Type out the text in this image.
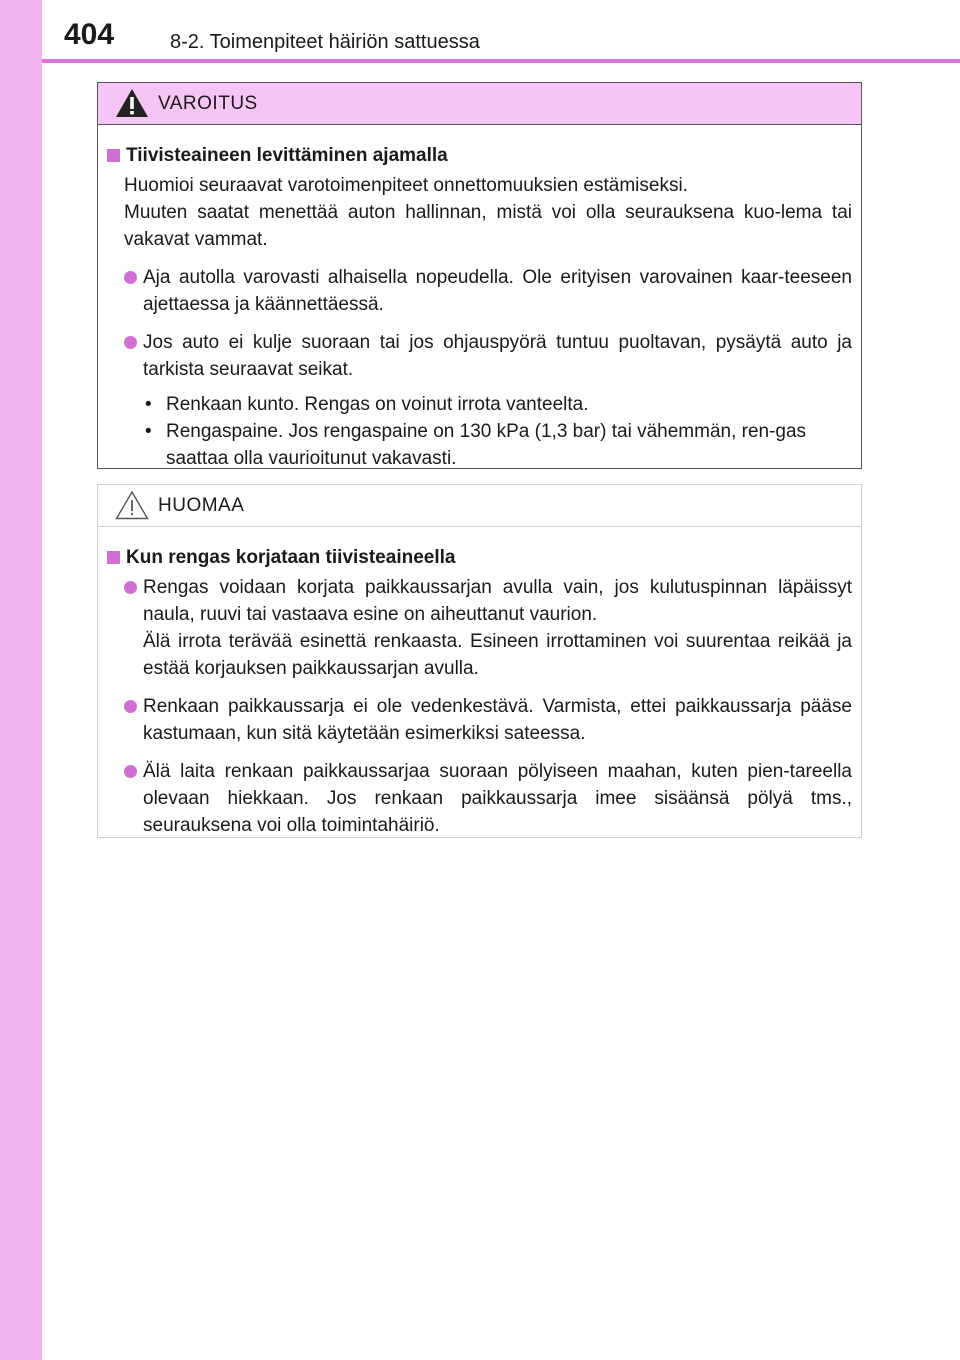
404	8-2. Toimenpiteet häiriön sattuessa
VAROITUS
Tiivisteaineen levittäminen ajamalla

Huomioi seuraavat varotoimenpiteet onnettomuuksien estämiseksi.

Muuten saatat menettää auton hallinnan, mistä voi olla seurauksena kuo-lema tai vakavat vammat.

Aja autolla varovasti alhaisella nopeudella. Ole erityisen varovainen kaar-teeseen ajettaessa ja käännettäessä.
Jos auto ei kulje suoraan tai jos ohjauspyörä tuntuu puoltavan, pysäytä auto ja tarkista seuraavat seikat.
• Renkaan kunto. Rengas on voinut irrota vanteelta.
• Rengaspaine. Jos rengaspaine on 130 kPa (1,3 bar) tai vähemmän, ren-gas saattaa olla vaurioitunut vakavasti.
HUOMAA
Kun rengas korjataan tiivisteaineella
Rengas voidaan korjata paikkaussarjan avulla vain, jos kulutuspinnan läpäissyt naula, ruuvi tai vastaava esine on aiheuttanut vaurion.
Älä irrota terävää esinettä renkaasta. Esineen irrottaminen voi suurentaa reikää ja estää korjauksen paikkaussarjan avulla.
Renkaan paikkaussarja ei ole vedenkestävä. Varmista, ettei paikkaussarja pääse kastumaan, kun sitä käytetään esimerkiksi sateessa.
Älä laita renkaan paikkaussarjaa suoraan pölyiseen maahan, kuten pien-tareella olevaan hiekkaan. Jos renkaan paikkaussarja imee sisäänsä pölyä tms., seurauksena voi olla toimintahäiriö.
